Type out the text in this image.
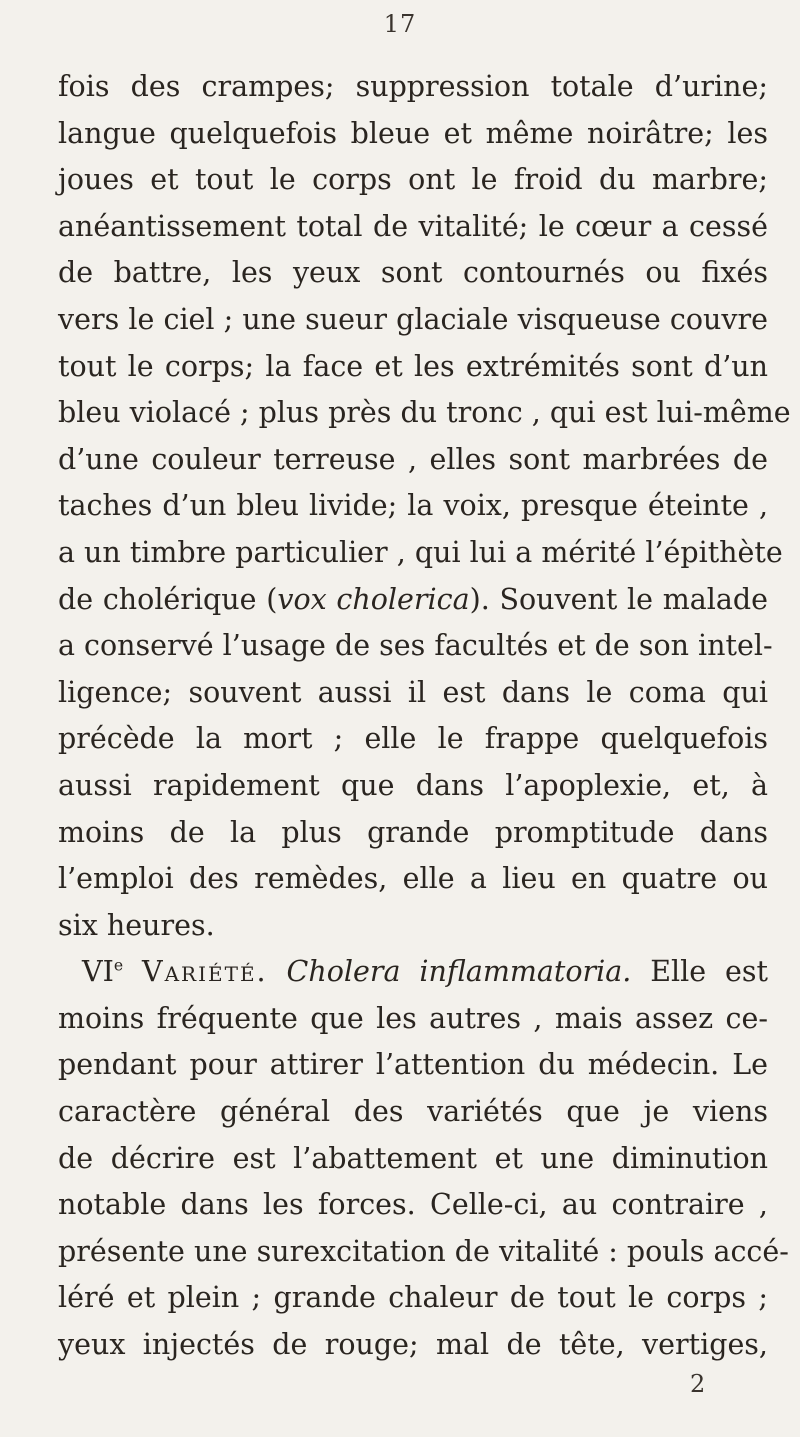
17
fois des crampes; suppression totale d’urine;
langue quelquefois bleue et même noirâtre; les
joues et tout le corps ont le froid du marbre;
anéantissement total de vitalité; le cœur a cessé
de battre, les yeux sont contournés ou fixés
vers le ciel ; une sueur glaciale visqueuse couvre
tout le corps; la face et les extrémités sont d’un
bleu violacé ; plus près du tronc , qui est lui-même
d’une couleur terreuse , elles sont marbrées de
taches d’un bleu livide; la voix, presque éteinte ,
a un timbre particulier , qui lui a mérité l’épithète
de cholérique (vox cholerica). Souvent le malade
a conservé l’usage de ses facultés et de son intel-
ligence; souvent aussi il est dans le coma qui
précède la mort ; elle le frappe quelquefois
aussi rapidement que dans l’apoplexie, et, à
moins de la plus grande promptitude dans
l’emploi des remèdes, elle a lieu en quatre ou
six heures.
VIe Variété. Cholera inflammatoria. Elle est
moins fréquente que les autres , mais assez ce-
pendant pour attirer l’attention du médecin. Le
caractère général des variétés que je viens
de décrire est l’abattement et une diminution
notable dans les forces. Celle-ci, au contraire ,
présente une surexcitation de vitalité : pouls accé-
léré et plein ; grande chaleur de tout le corps ;
yeux injectés de rouge; mal de tête, vertiges,
2
